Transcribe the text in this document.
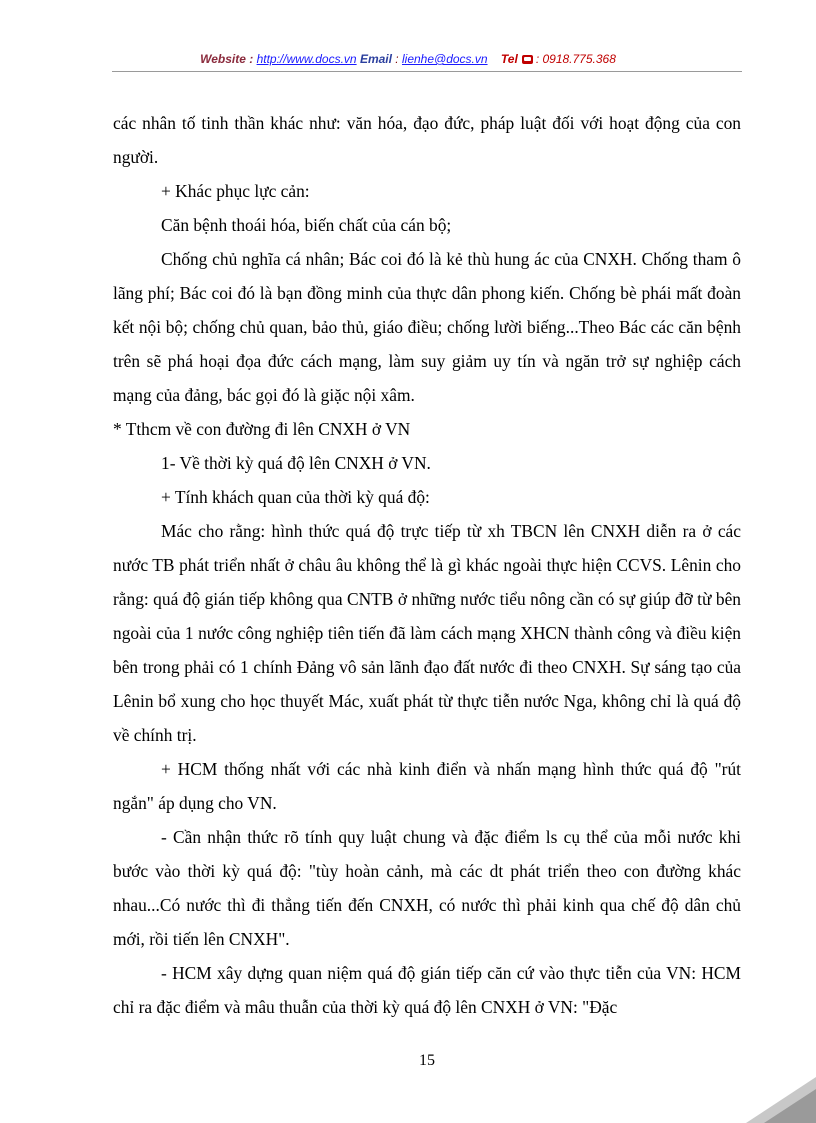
Website : http://www.docs.vn Email : lienhe@docs.vn Tel : 0918.775.368

các nhân tố tinh thần khác như: văn hóa, đạo đức, pháp luật đối với hoạt động của con người.

+ Khác phục lực cản:

Căn bệnh thoái hóa, biến chất của cán bộ;

Chống chủ nghĩa cá nhân; Bác coi đó là kẻ thù hung ác của CNXH. Chống tham ô lãng phí; Bác coi đó là bạn đồng minh của thực dân phong kiến. Chống bè phái mất đoàn kết nội bộ; chống chủ quan, bảo thủ, giáo điều; chống lười biếng...Theo Bác các căn bệnh trên sẽ phá hoại đọa đức cách mạng, làm suy giảm uy tín và ngăn trở sự nghiệp cách mạng của đảng, bác gọi đó là giặc nội xâm.

* Tthcm về con đường đi lên CNXH ở VN

1- Về thời kỳ quá độ lên CNXH ở VN.

+ Tính khách quan của thời kỳ quá độ:

Mác cho rằng: hình thức quá độ trực tiếp từ xh TBCN lên CNXH diễn ra ở các nước TB phát triển nhất ở châu âu không thể là gì khác ngoài thực hiện CCVS. Lênin cho rằng: quá độ gián tiếp không qua CNTB ở những nước tiểu nông cần có sự giúp đỡ từ bên ngoài của 1 nước công nghiệp tiên tiến đã làm cách mạng XHCN thành công và điều kiện bên trong phải có 1 chính Đảng vô sản lãnh đạo đất nước đi theo CNXH. Sự sáng tạo của Lênin bổ xung cho học thuyết Mác, xuất phát từ thực tiễn nước Nga, không chỉ là quá độ về chính trị.

+ HCM thống nhất với các nhà kinh điển và nhấn mạng hình thức quá độ "rút ngắn" áp dụng cho VN.

- Cần nhận thức rõ tính quy luật chung và đặc điểm ls cụ thể của mỗi nước khi bước vào thời kỳ quá độ: "tùy hoàn cảnh, mà các dt phát triển theo con đường khác nhau...Có nước thì đi thẳng tiến đến CNXH, có nước thì phải kinh qua chế độ dân chủ mới, rồi tiến lên CNXH".

- HCM xây dựng quan niệm quá độ gián tiếp căn cứ vào thực tiễn của VN: HCM chỉ ra đặc điểm và mâu thuẫn của thời kỳ quá độ lên CNXH ở VN: "Đặc

15
